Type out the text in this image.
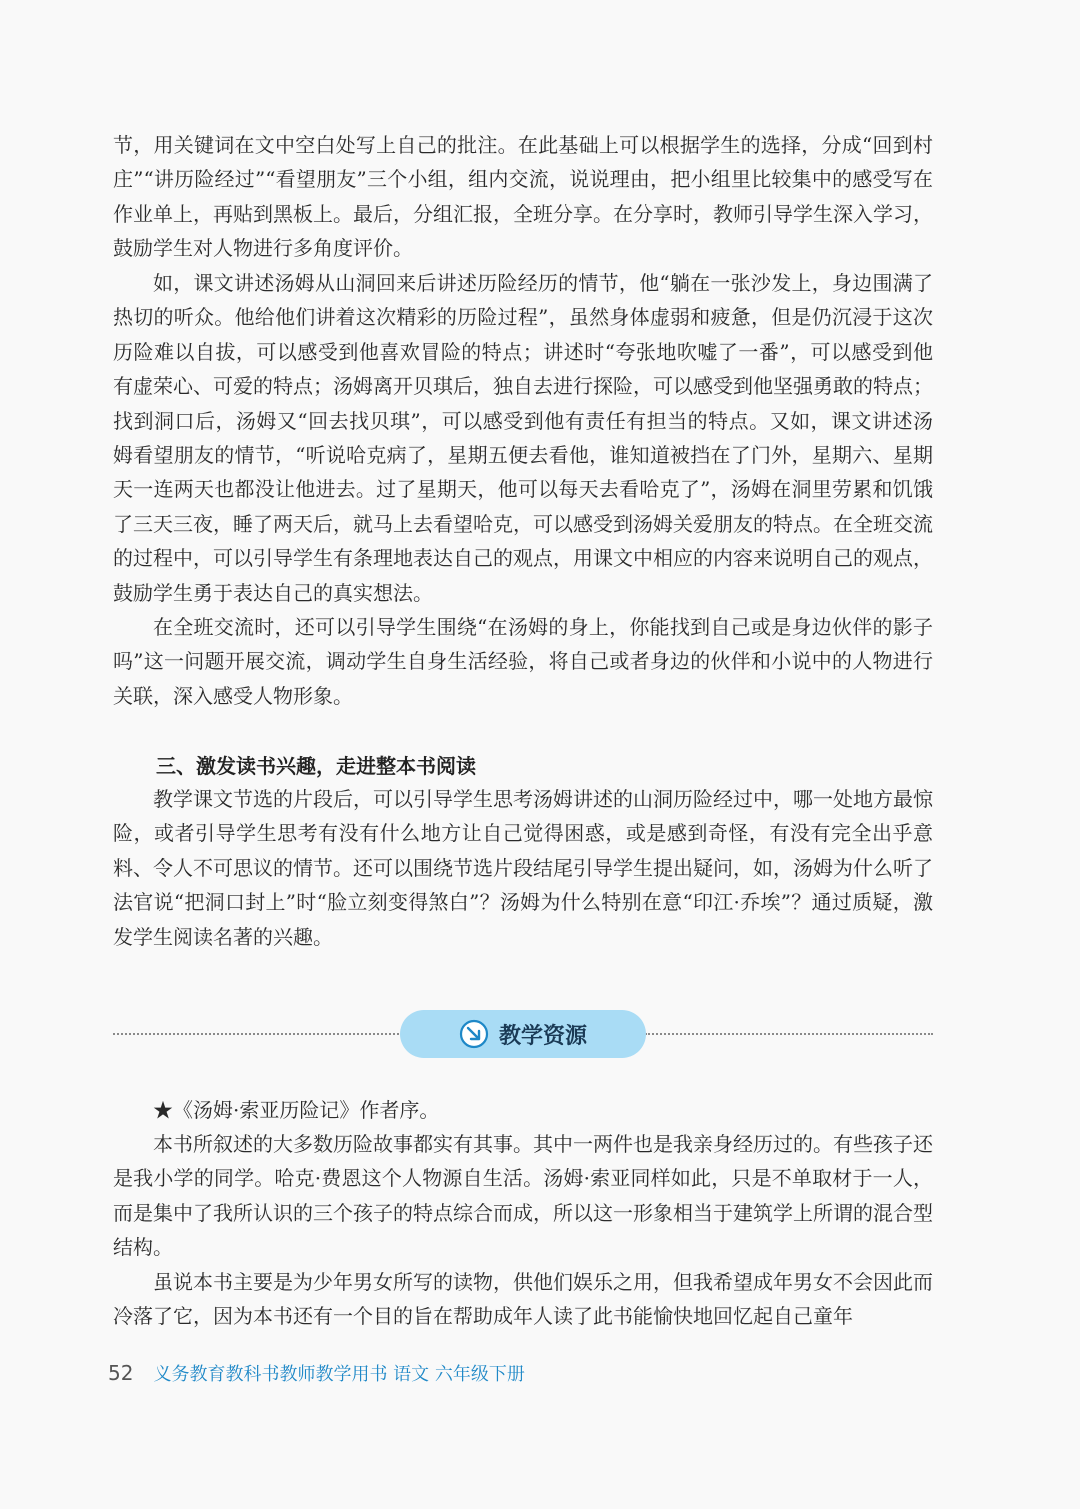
节，用关键词在文中空白处写上自己的批注。在此基础上可以根据学生的选择，分成“回到村庄”“讲历险经过”“看望朋友”三个小组，组内交流，说说理由，把小组里比较集中的感受写在作业单上，再贴到黑板上。最后，分组汇报，全班分享。在分享时，教师引导学生深入学习，鼓励学生对人物进行多角度评价。

如，课文讲述汤姆从山洞回来后讲述历险经历的情节，他“躺在一张沙发上，身边围满了热切的听众。他给他们讲着这次精彩的历险过程”，虽然身体虚弱和疲惫，但是仍沉浸于这次历险难以自拔，可以感受到他喜欢冒险的特点；讲述时“夸张地吹嘘了一番”，可以感受到他有虚荣心、可爱的特点；汤姆离开贝琪后，独自去进行探险，可以感受到他坚强勇敢的特点；找到洞口后，汤姆又“回去找贝琪”，可以感受到他有责任有担当的特点。又如，课文讲述汤姆看望朋友的情节，“听说哈克病了，星期五便去看他，谁知道被挡在了门外，星期六、星期天一连两天也都没让他进去。过了星期天，他可以每天去看哈克了”，汤姆在洞里劳累和饥饿了三天三夜，睡了两天后，就马上去看望哈克，可以感受到汤姆关爱朋友的特点。在全班交流的过程中，可以引导学生有条理地表达自己的观点，用课文中相应的内容来说明自己的观点，鼓励学生勇于表达自己的真实想法。

在全班交流时，还可以引导学生围绕“在汤姆的身上，你能找到自己或是身边伙伴的影子吗”这一问题开展交流，调动学生自身生活经验，将自己或者身边的伙伴和小说中的人物进行关联，深入感受人物形象。

三、激发读书兴趣，走进整本书阅读

教学课文节选的片段后，可以引导学生思考汤姆讲述的山洞历险经过中，哪一处地方最惊险，或者引导学生思考有没有什么地方让自己觉得困惑，或是感到奇怪，有没有完全出乎意料、令人不可思议的情节。还可以围绕节选片段结尾引导学生提出疑问，如，汤姆为什么听了法官说“把洞口封上”时“脸立刻变得煞白”？汤姆为什么特别在意“印江·乔埃”？通过质疑，激发学生阅读名著的兴趣。

教学资源

★《汤姆·索亚历险记》作者序。

本书所叙述的大多数历险故事都实有其事。其中一两件也是我亲身经历过的。有些孩子还是我小学的同学。哈克·费恩这个人物源自生活。汤姆·索亚同样如此，只是不单取材于一人，而是集中了我所认识的三个孩子的特点综合而成，所以这一形象相当于建筑学上所谓的混合型结构。

虽说本书主要是为少年男女所写的读物，供他们娱乐之用，但我希望成年男女不会因此而冷落了它，因为本书还有一个目的旨在帮助成年人读了此书能愉快地回忆起自己童年

52 义务教育教科书教师教学用书 语文 六年级下册
